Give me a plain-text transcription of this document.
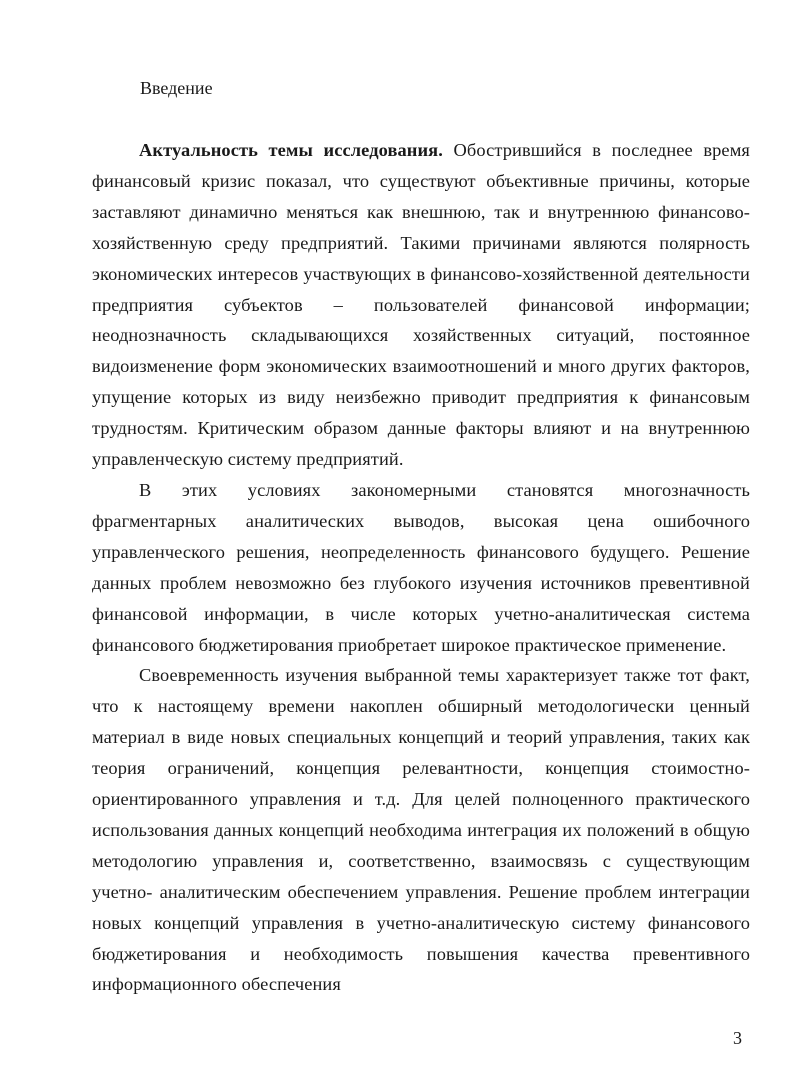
Введение

Актуальность темы исследования. Обострившийся в последнее время финансовый кризис показал, что существуют объективные причины, которые заставляют динамично меняться как внешнюю, так и внутреннюю финансово-хозяйственную среду предприятий. Такими причинами являются полярность экономических интересов участвующих в финансово-хозяйственной деятельности предприятия субъектов – пользователей финансовой информации; неоднозначность складывающихся хозяйственных ситуаций, постоянное видоизменение форм экономических взаимоотношений и много других факторов, упущение которых из виду неизбежно приводит предприятия к финансовым трудностям. Критическим образом данные факторы влияют и на внутреннюю управленческую систему предприятий.

В этих условиях закономерными становятся многозначность фрагментарных аналитических выводов, высокая цена ошибочного управленческого решения, неопределенность финансового будущего. Решение данных проблем невозможно без глубокого изучения источников превентивной финансовой информации, в числе которых учетно-аналитическая система финансового бюджетирования приобретает широкое практическое применение.

Своевременность изучения выбранной темы характеризует также тот факт, что к настоящему времени накоплен обширный методологически ценный материал в виде новых специальных концепций и теорий управления, таких как теория ограничений, концепция релевантности, концепция стоимостно- ориентированного управления и т.д. Для целей полноценного практического использования данных концепций необходима интеграция их положений в общую методологию управления и, соответственно, взаимосвязь с существующим учетно- аналитическим обеспечением управления. Решение проблем интеграции новых концепций управления в учетно-аналитическую систему финансового бюджетирования и необходимость повышения качества превентивного информационного обеспечения

3
